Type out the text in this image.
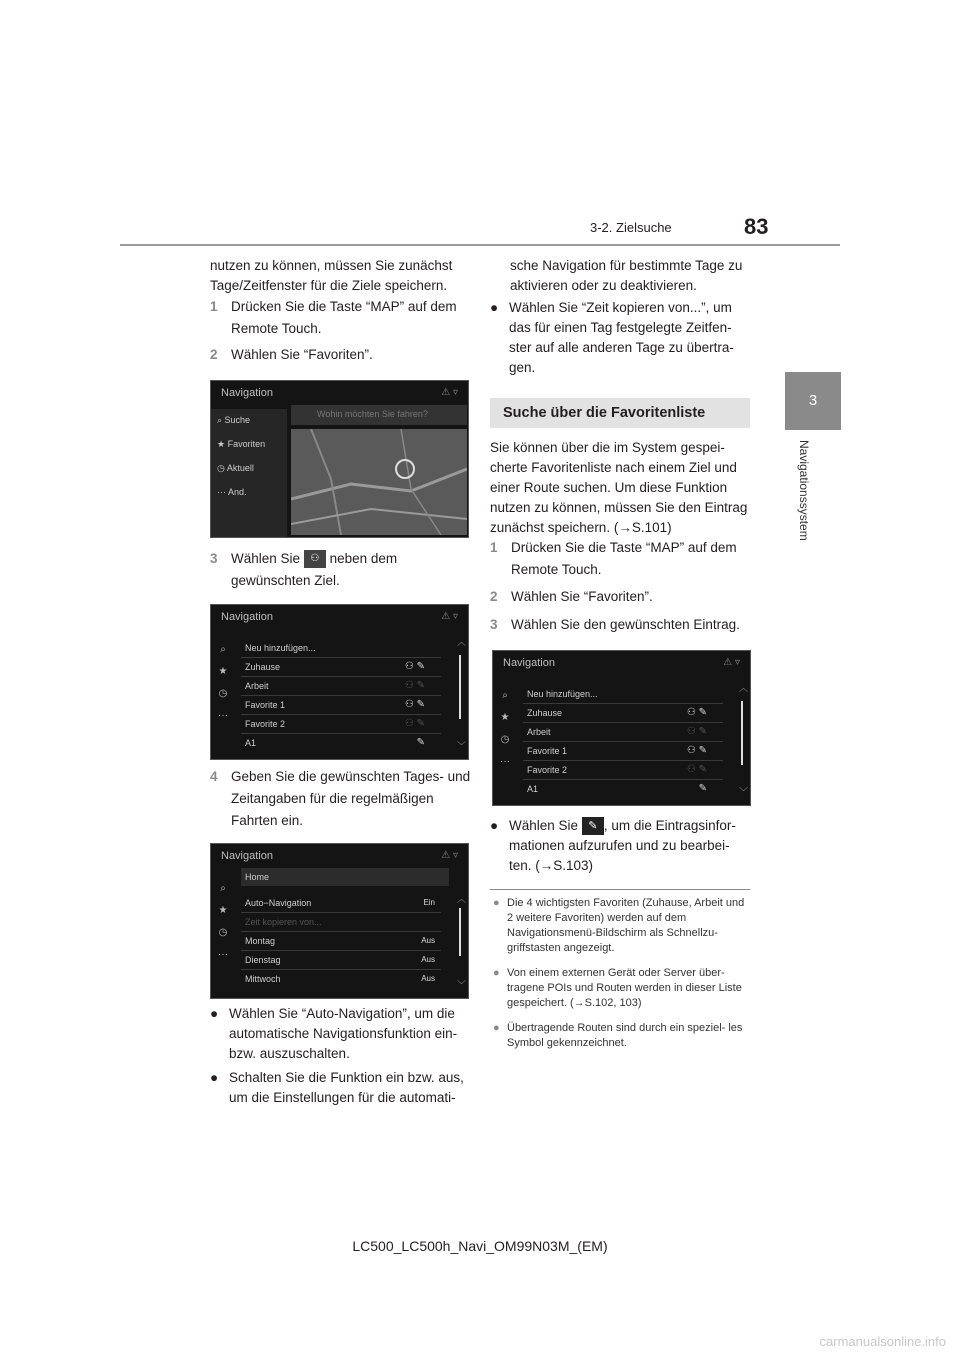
3-2. Zielsuche	83
3
Navigationssystem
nutzen zu können, müssen Sie zunächst Tage/Zeitfenster für die Ziele speichern.
1 Drücken Sie die Taste “MAP” auf dem Remote Touch.
2 Wählen Sie “Favoriten”.
Navigation	⚠ ▿
⌕ Suche
★ Favoriten
◷ Aktuell
··· And.
Wohin möchten Sie fahren?
3 Wählen Sie ⚇ neben dem gewünschten Ziel.
Navigation	⚠ ▿
⌕
★
◷
···
Neu hinzufügen...
Zuhause	⚇ ✎
Arbeit	⚇ ✎
Favorite 1	⚇ ✎
Favorite 2	⚇ ✎
A1	✎
︿
﹀
4 Geben Sie die gewünschten Tages- und Zeitangaben für die regelmäßigen Fahrten ein.
Navigation	⚠ ▿
⌕
★
◷
···
Home
Auto−Navigation	Ein
Zeit kopieren von...
Montag	Aus
Dienstag	Aus
Mittwoch	Aus
︿
﹀
● Wählen Sie “Auto-Navigation”, um die automatische Navigationsfunktion ein- bzw. auszuschalten.
● Schalten Sie die Funktion ein bzw. aus, um die Einstellungen für die automati-
sche Navigation für bestimmte Tage zu aktivieren oder zu deaktivieren.
● Wählen Sie “Zeit kopieren von...”, um das für einen Tag festgelegte Zeitfen- ster auf alle anderen Tage zu übertra- gen.
Suche über die Favoritenliste
Sie können über die im System gespei- cherte Favoritenliste nach einem Ziel und einer Route suchen. Um diese Funktion nutzen zu können, müssen Sie den Eintrag zunächst speichern. (→S.101)
1 Drücken Sie die Taste “MAP” auf dem Remote Touch.
2 Wählen Sie “Favoriten”.
3 Wählen Sie den gewünschten Eintrag.
Navigation	⚠ ▿
⌕
★
◷
···
Neu hinzufügen...
Zuhause	⚇ ✎
Arbeit	⚇ ✎
Favorite 1	⚇ ✎
Favorite 2	⚇ ✎
A1	✎
︿
﹀
● Wählen Sie ✎ , um die Eintragsinfor- mationen aufzurufen und zu bearbei- ten. (→S.103)
● Die 4 wichtigsten Favoriten (Zuhause, Arbeit und 2 weitere Favoriten) werden auf dem Navigationsmenü-Bildschirm als Schnellzu- griffstasten angezeigt.
● Von einem externen Gerät oder Server über- tragene POIs und Routen werden in dieser Liste gespeichert. (→S.102, 103)
● Übertragende Routen sind durch ein speziel- les Symbol gekennzeichnet.
LC500_LC500h_Navi_OM99N03M_(EM)
carmanualsonline.info
